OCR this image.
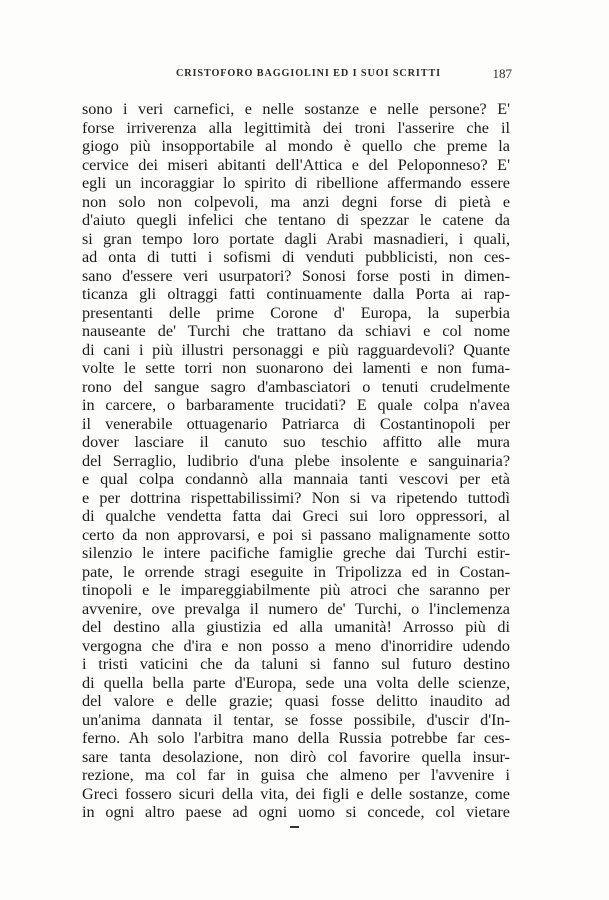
CRISTOFORO BAGGIOLINI ED I SUOI SCRITTI	187
sono i veri carnefici, e nelle sostanze e nelle persone? E'
forse irriverenza alla legittimità dei troni l'asserire che il
giogo più insopportabile al mondo è quello che preme la
cervice dei miseri abitanti dell'Attica e del Peloponneso? E'
egli un incoraggiar lo spirito di ribellione affermando essere
non solo non colpevoli, ma anzi degni forse di pietà e
d'aiuto quegli infelici che tentano di spezzar le catene da
si gran tempo loro portate dagli Arabi masnadieri, i quali,
ad onta di tutti i sofismi di venduti pubblicisti, non ces-
sano d'essere veri usurpatori? Sonosi forse posti in dimen-
ticanza gli oltraggi fatti continuamente dalla Porta ai rap-
presentanti delle prime Corone d' Europa, la superbia
nauseante de' Turchi che trattano da schiavi e col nome
di cani i più illustri personaggi e più ragguardevoli? Quante
volte le sette torri non suonarono dei lamenti e non fuma-
rono del sangue sagro d'ambasciatori o tenuti crudelmente
in carcere, o barbaramente trucidati? E quale colpa n'avea
il venerabile ottuagenario Patriarca di Costantinopoli per
dover lasciare il canuto suo teschio affitto alle mura
del Serraglio, ludibrio d'una plebe insolente e sanguinaria?
e qual colpa condannò alla mannaia tanti vescovi per età
e per dottrina rispettabilissimi? Non si va ripetendo tuttodì
di qualche vendetta fatta dai Greci sui loro oppressori, al
certo da non approvarsi, e poi si passano malignamente sotto
silenzio le intere pacifiche famiglie greche dai Turchi estir-
pate, le orrende stragi eseguite in Tripolizza ed in Costan-
tinopoli e le impareggiabilmente più atroci che saranno per
avvenire, ove prevalga il numero de' Turchi, o l'inclemenza
del destino alla giustizia ed alla umanità! Arrosso più di
vergogna che d'ira e non posso a meno d'inorridire udendo
i tristi vaticini che da taluni si fanno sul futuro destino
di quella bella parte d'Europa, sede una volta delle scienze,
del valore e delle grazie; quasi fosse delitto inaudito ad
un'anima dannata il tentar, se fosse possibile, d'uscir d'In-
ferno. Ah solo l'arbitra mano della Russia potrebbe far ces-
sare tanta desolazione, non dirò col favorire quella insur-
rezione, ma col far in guisa che almeno per l'avvenire i
Greci fossero sicuri della vita, dei figli e delle sostanze, come
in ogni altro paese ad ogni uomo si concede, col vietare
